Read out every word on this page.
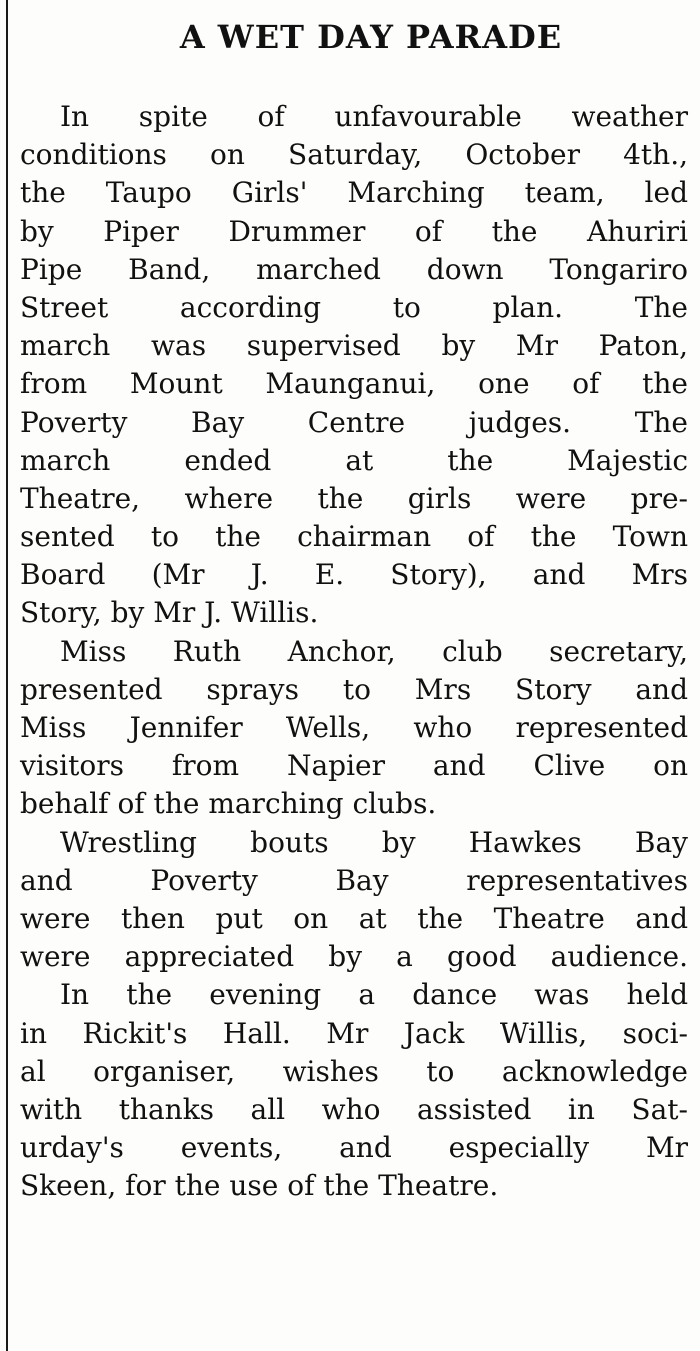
A WET DAY PARADE
In spite of unfavourable weather
conditions on Saturday, October 4th.,
the Taupo Girls' Marching team, led
by Piper Drummer of the Ahuriri
Pipe Band, marched down Tongariro
Street according to plan. The
march was supervised by Mr Paton,
from Mount Maunganui, one of the
Poverty Bay Centre judges. The
march ended at the Majestic
Theatre, where the girls were pre-
sented to the chairman of the Town
Board (Mr J. E. Story), and Mrs
Story, by Mr J. Willis.
Miss Ruth Anchor, club secretary,
presented sprays to Mrs Story and
Miss Jennifer Wells, who represented
visitors from Napier and Clive on
behalf of the marching clubs.
Wrestling bouts by Hawkes Bay
and Poverty Bay representatives
were then put on at the Theatre and
were appreciated by a good audience.
In the evening a dance was held
in Rickit's Hall. Mr Jack Willis, soci-
al organiser, wishes to acknowledge
with thanks all who assisted in Sat-
urday's events, and especially Mr
Skeen, for the use of the Theatre.
